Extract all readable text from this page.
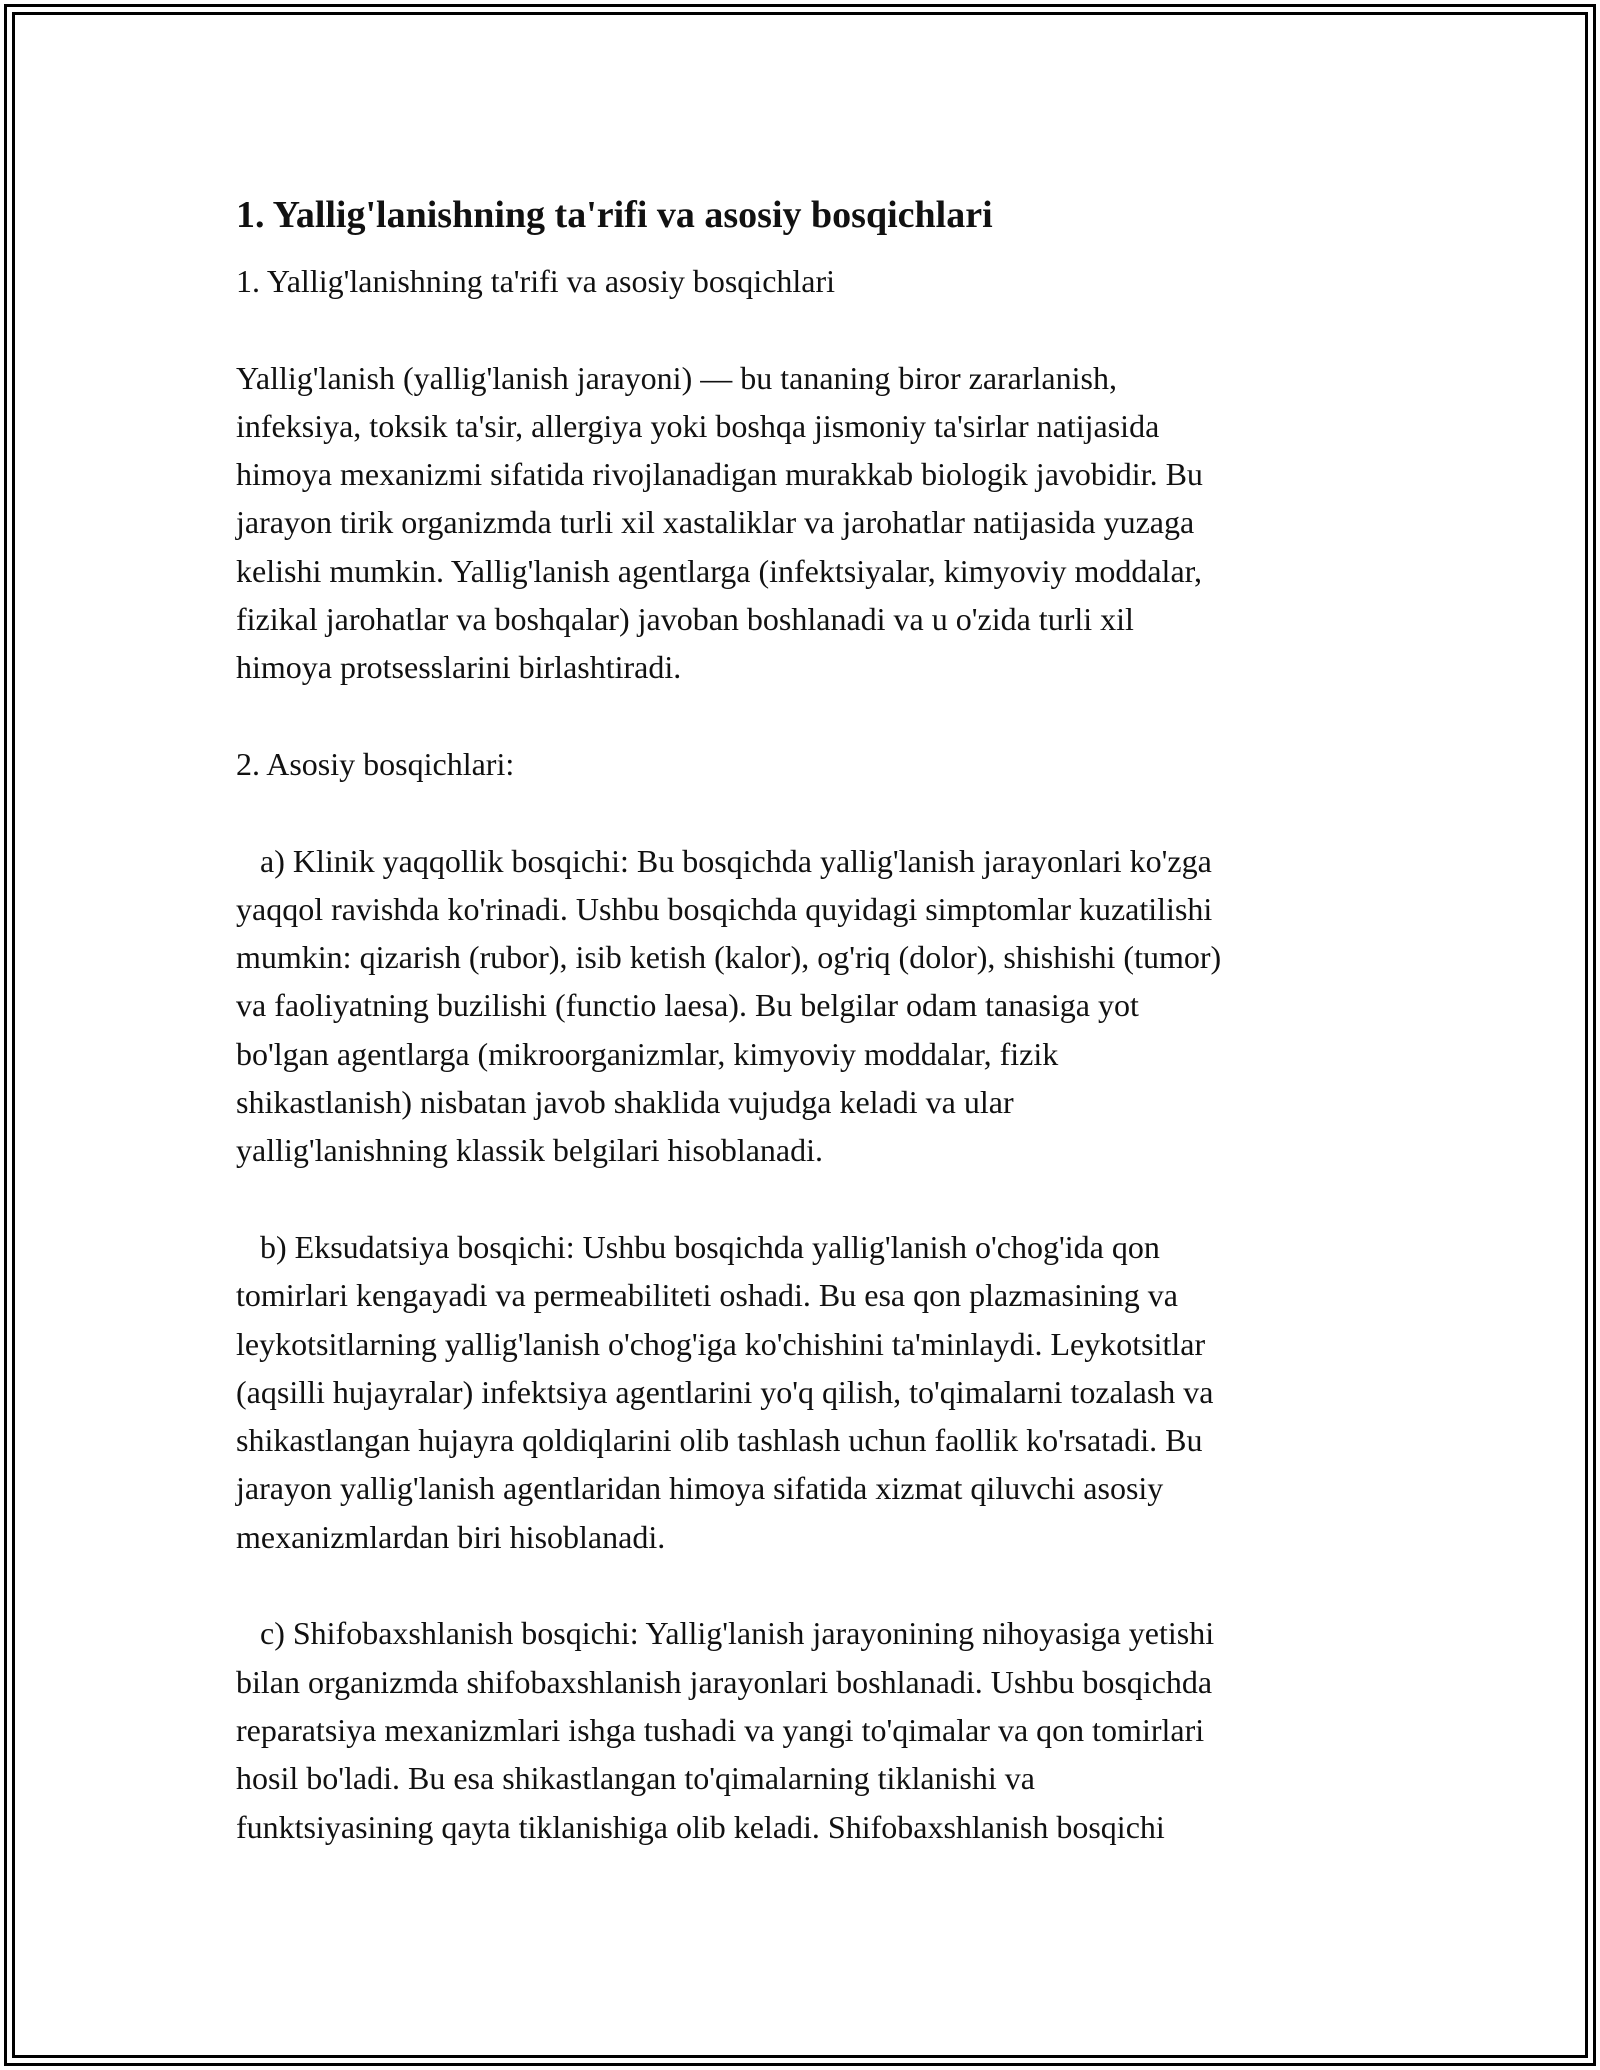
1. Yallig'lanishning ta'rifi va asosiy bosqichlari

1. Yallig'lanishning ta'rifi va asosiy bosqichlari

Yallig'lanish (yallig'lanish jarayoni) — bu tananing biror zararlanish,
infeksiya, toksik ta'sir, allergiya yoki boshqa jismoniy ta'sirlar natijasida
himoya mexanizmi sifatida rivojlanadigan murakkab biologik javobidir. Bu
jarayon tirik organizmda turli xil xastaliklar va jarohatlar natijasida yuzaga
kelishi mumkin. Yallig'lanish agentlarga (infektsiyalar, kimyoviy moddalar,
fizikal jarohatlar va boshqalar) javoban boshlanadi va u o'zida turli xil
himoya protsesslarini birlashtiradi.

2. Asosiy bosqichlari:

a) Klinik yaqqollik bosqichi: Bu bosqichda yallig'lanish jarayonlari ko'zga
yaqqol ravishda ko'rinadi. Ushbu bosqichda quyidagi simptomlar kuzatilishi
mumkin: qizarish (rubor), isib ketish (kalor), og'riq (dolor), shishishi (tumor)
va faoliyatning buzilishi (functio laesa). Bu belgilar odam tanasiga yot
bo'lgan agentlarga (mikroorganizmlar, kimyoviy moddalar, fizik
shikastlanish) nisbatan javob shaklida vujudga keladi va ular
yallig'lanishning klassik belgilari hisoblanadi.

b) Eksudatsiya bosqichi: Ushbu bosqichda yallig'lanish o'chog'ida qon
tomirlari kengayadi va permeabiliteti oshadi. Bu esa qon plazmasining va
leykotsitlarning yallig'lanish o'chog'iga ko'chishini ta'minlaydi. Leykotsitlar
(aqsilli hujayralar) infektsiya agentlarini yo'q qilish, to'qimalarni tozalash va
shikastlangan hujayra qoldiqlarini olib tashlash uchun faollik ko'rsatadi. Bu
jarayon yallig'lanish agentlaridan himoya sifatida xizmat qiluvchi asosiy
mexanizmlardan biri hisoblanadi.

c) Shifobaxshlanish bosqichi: Yallig'lanish jarayonining nihoyasiga yetishi
bilan organizmda shifobaxshlanish jarayonlari boshlanadi. Ushbu bosqichda
reparatsiya mexanizmlari ishga tushadi va yangi to'qimalar va qon tomirlari
hosil bo'ladi. Bu esa shikastlangan to'qimalarning tiklanishi va
funktsiyasining qayta tiklanishiga olib keladi. Shifobaxshlanish bosqichi
